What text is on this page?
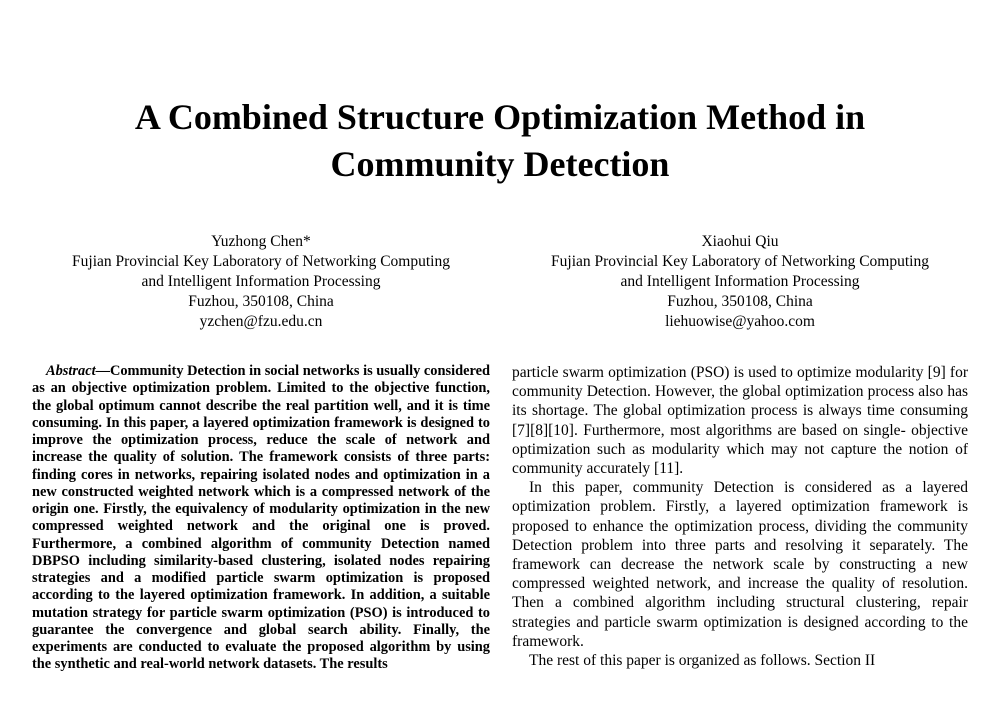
A Combined Structure Optimization Method in
Community Detection
Yuzhong Chen*
Fujian Provincial Key Laboratory of Networking Computing
and Intelligent Information Processing
Fuzhou, 350108, China
yzchen@fzu.edu.cn
Xiaohui Qiu
Fujian Provincial Key Laboratory of Networking Computing
and Intelligent Information Processing
Fuzhou, 350108, China
liehuowise@yahoo.com

Abstract—Community Detection in social networks is usually considered as an objective optimization problem. Limited to the objective function, the global optimum cannot describe the real partition well, and it is time consuming. In this paper, a layered optimization framework is designed to improve the optimization process, reduce the scale of network and increase the quality of solution. The framework consists of three parts: finding cores in networks, repairing isolated nodes and optimization in a new constructed weighted network which is a compressed network of the origin one. Firstly, the equivalency of modularity optimization in the new compressed weighted network and the original one is proved. Furthermore, a combined algorithm of community Detection named DBPSO including similarity-based clustering, isolated nodes repairing strategies and a modified particle swarm optimization is proposed according to the layered optimization framework. In addition, a suitable mutation strategy for particle swarm optimization (PSO) is introduced to guarantee the convergence and global search ability. Finally, the experiments are conducted to evaluate the proposed algorithm by using the synthetic and real-world network datasets. The results

particle swarm optimization (PSO) is used to optimize modularity [9] for community Detection. However, the global optimization process also has its shortage. The global optimization process is always time consuming [7][8][10]. Furthermore, most algorithms are based on single- objective optimization such as modularity which may not capture the notion of community accurately [11].

In this paper, community Detection is considered as a layered optimization problem. Firstly, a layered optimization framework is proposed to enhance the optimization process, dividing the community Detection problem into three parts and resolving it separately. The framework can decrease the network scale by constructing a new compressed weighted network, and increase the quality of resolution. Then a combined algorithm including structural clustering, repair strategies and particle swarm optimization is designed according to the framework.

The rest of this paper is organized as follows. Section II
